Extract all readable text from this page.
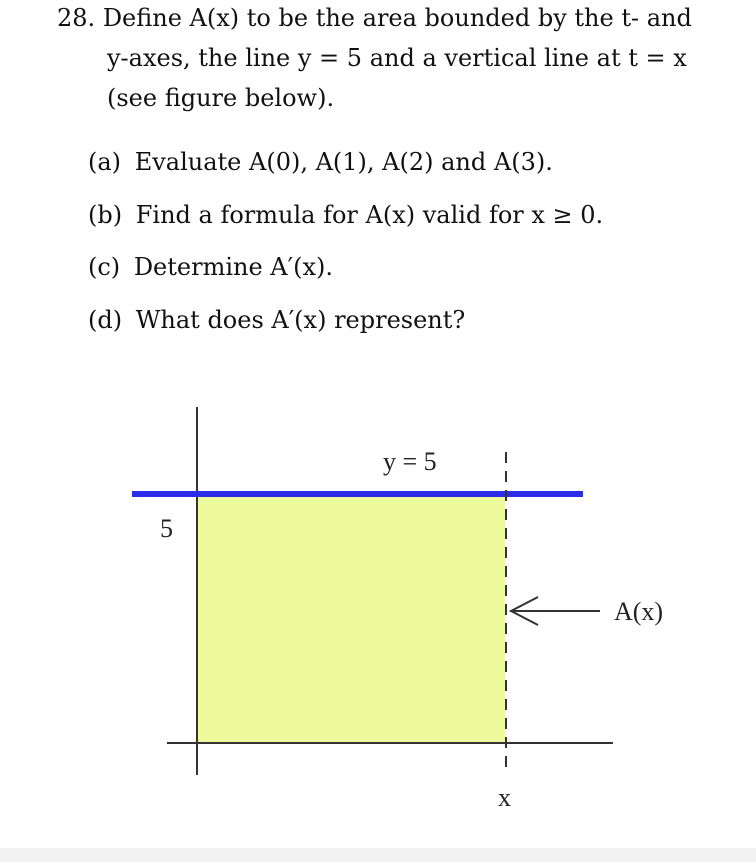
28. Define A(x) to be the area bounded by the t- and
y-axes, the line y = 5 and a vertical line at t = x
(see figure below).
(a) Evaluate A(0), A(1), A(2) and A(3).
(b) Find a formula for A(x) valid for x ≥ 0.
(c) Determine A′(x).
(d) What does A′(x) represent?
y = 5
5
x
A(x)
